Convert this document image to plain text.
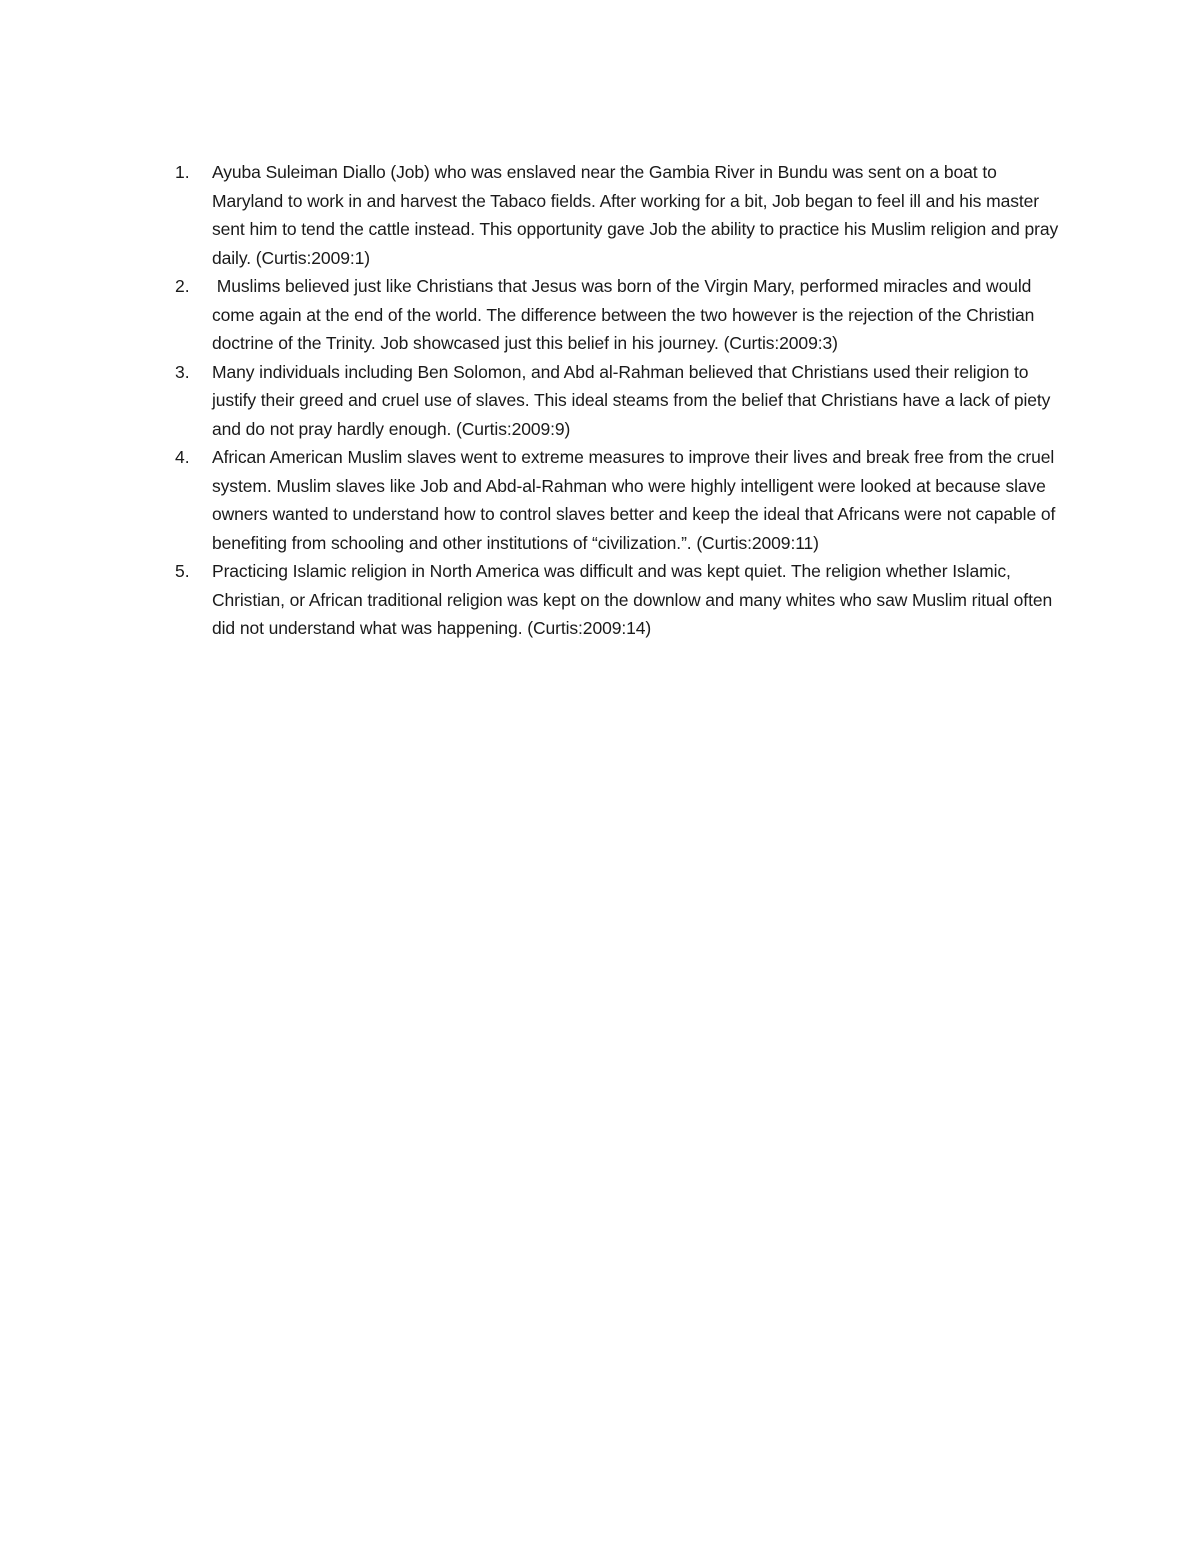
1. Ayuba Suleiman Diallo (Job) who was enslaved near the Gambia River in Bundu was sent on a boat to Maryland to work in and harvest the Tabaco fields. After working for a bit, Job began to feel ill and his master sent him to tend the cattle instead. This opportunity gave Job the ability to practice his Muslim religion and pray daily. (Curtis:2009:1)
2. Muslims believed just like Christians that Jesus was born of the Virgin Mary, performed miracles and would come again at the end of the world. The difference between the two however is the rejection of the Christian doctrine of the Trinity. Job showcased just this belief in his journey. (Curtis:2009:3)
3. Many individuals including Ben Solomon, and Abd al-Rahman believed that Christians used their religion to justify their greed and cruel use of slaves. This ideal steams from the belief that Christians have a lack of piety and do not pray hardly enough. (Curtis:2009:9)
4. African American Muslim slaves went to extreme measures to improve their lives and break free from the cruel system. Muslim slaves like Job and Abd-al-Rahman who were highly intelligent were looked at because slave owners wanted to understand how to control slaves better and keep the ideal that Africans were not capable of benefiting from schooling and other institutions of “civilization.”. (Curtis:2009:11)
5. Practicing Islamic religion in North America was difficult and was kept quiet. The religion whether Islamic, Christian, or African traditional religion was kept on the downlow and many whites who saw Muslim ritual often did not understand what was happening. (Curtis:2009:14)
